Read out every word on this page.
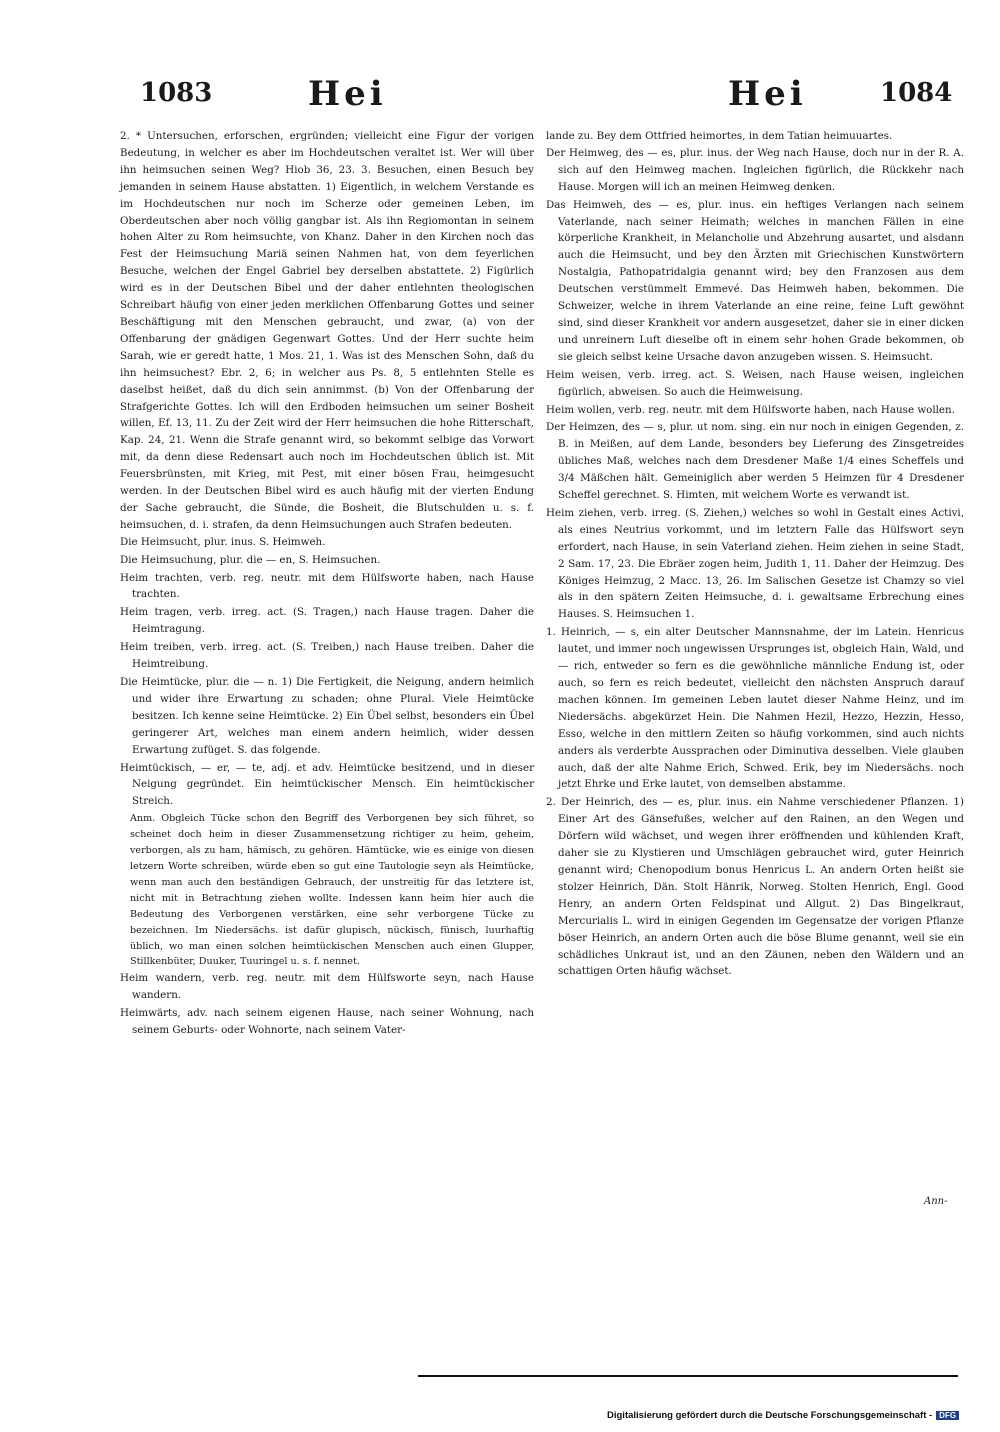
1083	Hei	Hei	1084

2. * Untersuchen, erforschen, ergründen; vielleicht eine Figur der vorigen Bedeutung, in welcher es aber im Hochdeutschen veraltet ist. Wer will über ihn heimsuchen seinen Weg? Hiob 36, 23. 3. Besuchen, einen Besuch bey jemanden in seinem Hause abstatten. 1) Eigentlich, in welchem Verstande es im Hochdeutschen nur noch im Scherze oder gemeinen Leben, im Oberdeutschen aber noch völlig gangbar ist. Als ihn Regiomontan in seinem hohen Alter zu Rom heimsuchte, von Khanz. Daher in den Kirchen noch das Fest der Heimsuchung Mariä seinen Nahmen hat, von dem feyerlichen Besuche, welchen der Engel Gabriel bey derselben abstattete. 2) Figürlich wird es in der Deutschen Bibel und der daher entlehnten theologischen Schreibart häufig von einer jeden merklichen Offenbarung Gottes und seiner Beschäftigung mit den Menschen gebraucht, und zwar, (a) von der Offenbarung der gnädigen Gegenwart Gottes. Und der Herr suchte heim Sarah, wie er geredt hatte, 1 Mos. 21, 1. Was ist des Menschen Sohn, daß du ihn heimsuchest? Ebr. 2, 6; in welcher aus Ps. 8, 5 entlehnten Stelle es daselbst heißet, daß du dich sein annimmst. (b) Von der Offenbarung der Strafgerichte Gottes. Ich will den Erdboden heimsuchen um seiner Bosheit willen, Ef. 13, 11. Zu der Zeit wird der Herr heimsuchen die hohe Ritterschaft, Kap. 24, 21. Wenn die Strafe genannt wird, so bekommt selbige das Vorwort mit, da denn diese Redensart auch noch im Hochdeutschen üblich ist. Mit Feuersbrünsten, mit Krieg, mit Pest, mit einer bösen Frau, heimgesucht werden. In der Deutschen Bibel wird es auch häufig mit der vierten Endung der Sache gebraucht, die Sünde, die Bosheit, die Blutschulden u. s. f. heimsuchen, d. i. strafen, da denn Heimsuchungen auch Strafen bedeuten.

Die Heimsucht, plur. inus. S. Heimweh.

Die Heimsuchung, plur. die — en, S. Heimsuchen.

Heim trachten, verb. reg. neutr. mit dem Hülfsworte haben, nach Hause trachten.

Heim tragen, verb. irreg. act. (S. Tragen,) nach Hause tragen. Daher die Heimtragung.

Heim treiben, verb. irreg. act. (S. Treiben,) nach Hause treiben. Daher die Heimtreibung.

Die Heimtücke, plur. die — n. 1) Die Fertigkeit, die Neigung, andern heimlich und wider ihre Erwartung zu schaden; ohne Plural. Viele Heimtücke besitzen. Ich kenne seine Heimtücke. 2) Ein Übel selbst, besonders ein Übel geringerer Art, welches man einem andern heimlich, wider dessen Erwartung zufüget. S. das folgende.

Heimtückisch, — er, — te, adj. et adv. Heimtücke besitzend, und in dieser Neigung gegründet. Ein heimtückischer Mensch. Ein heimtückischer Streich.

Anm. Obgleich Tücke schon den Begriff des Verborgenen bey sich führet, so scheinet doch heim in dieser Zusammensetzung richtiger zu heim, geheim, verborgen, als zu ham, hämisch, zu gehören. Hämtücke, wie es einige von diesen letzern Worte schreiben, würde eben so gut eine Tautologie seyn als Heimtücke, wenn man auch den beständigen Gebrauch, der unstreitig für das letztere ist, nicht mit in Betrachtung ziehen wollte. Indessen kann heim hier auch die Bedeutung des Verborgenen verstärken, eine sehr verborgene Tücke zu bezeichnen. Im Niedersächs. ist dafür glupisch, nückisch, fünisch, luurhaftig üblich, wo man einen solchen heimtückischen Menschen auch einen Glupper, Stillkenbüter, Duuker, Tuuringel u. s. f. nennet.

Heim wandern, verb. reg. neutr. mit dem Hülfsworte seyn, nach Hause wandern.

Heimwärts, adv. nach seinem eigenen Hause, nach seiner Wohnung, nach seinem Geburts- oder Wohnorte, nach seinem Vater-

lande zu. Bey dem Ottfried heimortes, in dem Tatian heimuuartes.

Der Heimweg, des — es, plur. inus. der Weg nach Hause, doch nur in der R. A. sich auf den Heimweg machen. Ingleichen figürlich, die Rückkehr nach Hause. Morgen will ich an meinen Heimweg denken.

Das Heimweh, des — es, plur. inus. ein heftiges Verlangen nach seinem Vaterlande, nach seiner Heimath; welches in manchen Fällen in eine körperliche Krankheit, in Melancholie und Abzehrung ausartet, und alsdann auch die Heimsucht, und bey den Ärzten mit Griechischen Kunstwörtern Nostalgia, Pathopatridalgia genannt wird; bey den Franzosen aus dem Deutschen verstümmelt Emmevé. Das Heimweh haben, bekommen. Die Schweizer, welche in ihrem Vaterlande an eine reine, feine Luft gewöhnt sind, sind dieser Krankheit vor andern ausgesetzet, daher sie in einer dicken und unreinern Luft dieselbe oft in einem sehr hohen Grade bekommen, ob sie gleich selbst keine Ursache davon anzugeben wissen. S. Heimsucht.

Heim weisen, verb. irreg. act. S. Weisen, nach Hause weisen, ingleichen figürlich, abweisen. So auch die Heimweisung.

Heim wollen, verb. reg. neutr. mit dem Hülfsworte haben, nach Hause wollen.

Der Heimzen, des — s, plur. ut nom. sing. ein nur noch in einigen Gegenden, z. B. in Meißen, auf dem Lande, besonders bey Lieferung des Zinsgetreides übliches Maß, welches nach dem Dresdener Maße 1/4 eines Scheffels und 3/4 Mäßchen hält. Gemeiniglich aber werden 5 Heimzen für 4 Dresdener Scheffel gerechnet. S. Himten, mit welchem Worte es verwandt ist.

Heim ziehen, verb. irreg. (S. Ziehen,) welches so wohl in Gestalt eines Activi, als eines Neutrius vorkommt, und im letztern Falle das Hülfswort seyn erfordert, nach Hause, in sein Vaterland ziehen. Heim ziehen in seine Stadt, 2 Sam. 17, 23. Die Ebräer zogen heim, Judith 1, 11. Daher der Heimzug. Des Königes Heimzug, 2 Macc. 13, 26. Im Salischen Gesetze ist Chamzy so viel als in den spätern Zeiten Heimsuche, d. i. gewaltsame Erbrechung eines Hauses. S. Heimsuchen 1.

1. Heinrich, — s, ein alter Deutscher Mannsnahme, der im Latein. Henricus lautet, und immer noch ungewissen Ursprunges ist, obgleich Hain, Wald, und — rich, entweder so fern es die gewöhnliche männliche Endung ist, oder auch, so fern es reich bedeutet, vielleicht den nächsten Anspruch darauf machen können. Im gemeinen Leben lautet dieser Nahme Heinz, und im Niedersächs. abgekürzet Hein. Die Nahmen Hezil, Hezzo, Hezzin, Hesso, Esso, welche in den mittlern Zeiten so häufig vorkommen, sind auch nichts anders als verderbte Aussprachen oder Diminutiva desselben. Viele glauben auch, daß der alte Nahme Erich, Schwed. Erik, bey im Niedersächs. noch jetzt Ehrke und Erke lautet, von demselben abstamme.

2. Der Heinrich, des — es, plur. inus. ein Nahme verschiedener Pflanzen. 1) Einer Art des Gänsefußes, welcher auf den Rainen, an den Wegen und Dörfern wild wächset, und wegen ihrer eröffnenden und kühlenden Kraft, daher sie zu Klystieren und Umschlägen gebrauchet wird, guter Heinrich genannt wird; Chenopodium bonus Henricus L. An andern Orten heißt sie stolzer Heinrich, Dän. Stolt Hänrik, Norweg. Stolten Henrich, Engl. Good Henry, an andern Orten Feldspinat und Allgut. 2) Das Bingelkraut, Mercurialis L. wird in einigen Gegenden im Gegensatze der vorigen Pflanze böser Heinrich, an andern Orten auch die böse Blume genannt, weil sie ein schädliches Unkraut ist, und an den Zäunen, neben den Wäldern und an schattigen Orten häufig wächset.

Ann-
Digitalisierung gefördert durch die Deutsche Forschungsgemeinschaft - DFG
